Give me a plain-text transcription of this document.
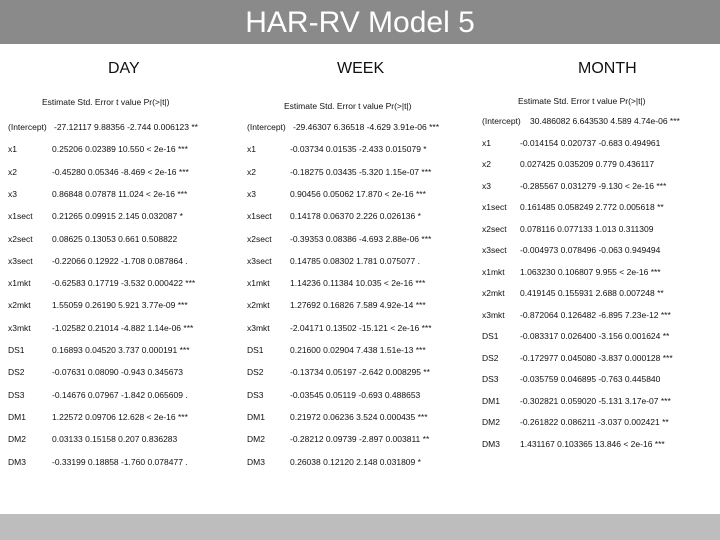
HAR-RV Model 5
DAY	WEEK	MONTH
Estimate Std. Error t value Pr(>|t|)	Estimate Std. Error t value Pr(>|t|)	Estimate Std. Error t value Pr(>|t|)
(Intercept) -27.12117 9.88356 -2.744 0.006123 **
x1	0.25206 0.02389 10.550 < 2e-16 ***
x2	-0.45280 0.05346 -8.469 < 2e-16 ***
x3	0.86848 0.07878 11.024 < 2e-16 ***
x1sect 0.21265 0.09915 2.145 0.032087 *
x2sect 0.08625 0.13053 0.661 0.508822
x3sect -0.22066 0.12922 -1.708 0.087864 .
x1mkt	-0.62583 0.17719 -3.532 0.000422 ***
x2mkt	1.55059 0.26190 5.921 3.77e-09 ***
x3mkt	-1.02582 0.21014 -4.882 1.14e-06 ***
DS1	0.16893 0.04520 3.737 0.000191 ***
DS2	-0.07631 0.08090 -0.943 0.345673
DS3	-0.14676 0.07967 -1.842 0.065609 .
DM1	1.22572 0.09706 12.628 < 2e-16 ***
DM2	0.03133 0.15158 0.207 0.836283
DM3	-0.33199 0.18858 -1.760 0.078477 .
(Intercept) -29.46307 6.36518 -4.629 3.91e-06 ***
x1	-0.03734 0.01535 -2.433 0.015079 *
x2	-0.18275 0.03435 -5.320 1.15e-07 ***
x3	0.90456 0.05062 17.870 < 2e-16 ***
x1sect 0.14178 0.06370 2.226 0.026136 *
x2sect -0.39353 0.08386 -4.693 2.88e-06 ***
x3sect 0.14785 0.08302 1.781 0.075077 .
x1mkt 1.14236 0.11384 10.035 < 2e-16 ***
x2mkt 1.27692 0.16826 7.589 4.92e-14 ***
x3mkt -2.04171 0.13502 -15.121 < 2e-16 ***
DS1	0.21600 0.02904 7.438 1.51e-13 ***
DS2	-0.13734 0.05197 -2.642 0.008295 **
DS3	-0.03545 0.05119 -0.693 0.488653
DM1	0.21972 0.06236 3.524 0.000435 ***
DM2	-0.28212 0.09739 -2.897 0.003811 **
DM3	0.26038 0.12120 2.148 0.031809 *
(Intercept) 30.486082 6.643530 4.589 4.74e-06 ***
x1	-0.014154 0.020737 -0.683 0.494961
x2	0.027425 0.035209 0.779 0.436117
x3	-0.285567 0.031279 -9.130 < 2e-16 ***
x1sect 0.161485 0.058249 2.772 0.005618 **
x2sect 0.078116 0.077133 1.013 0.311309
x3sect -0.004973 0.078496 -0.063 0.949494
x1mkt 1.063230 0.106807 9.955 < 2e-16 ***
x2mkt 0.419145 0.155931 2.688 0.007248 **
x3mkt -0.872064 0.126482 -6.895 7.23e-12 ***
DS1	-0.083317 0.026400 -3.156 0.001624 **
DS2	-0.172977 0.045080 -3.837 0.000128 ***
DS3	-0.035759 0.046895 -0.763 0.445840
DM1 -0.302821 0.059020 -5.131 3.17e-07 ***
DM2 -0.261822 0.086211 -3.037 0.002421 **
DM3 1.431167 0.103365 13.846 < 2e-16 ***
